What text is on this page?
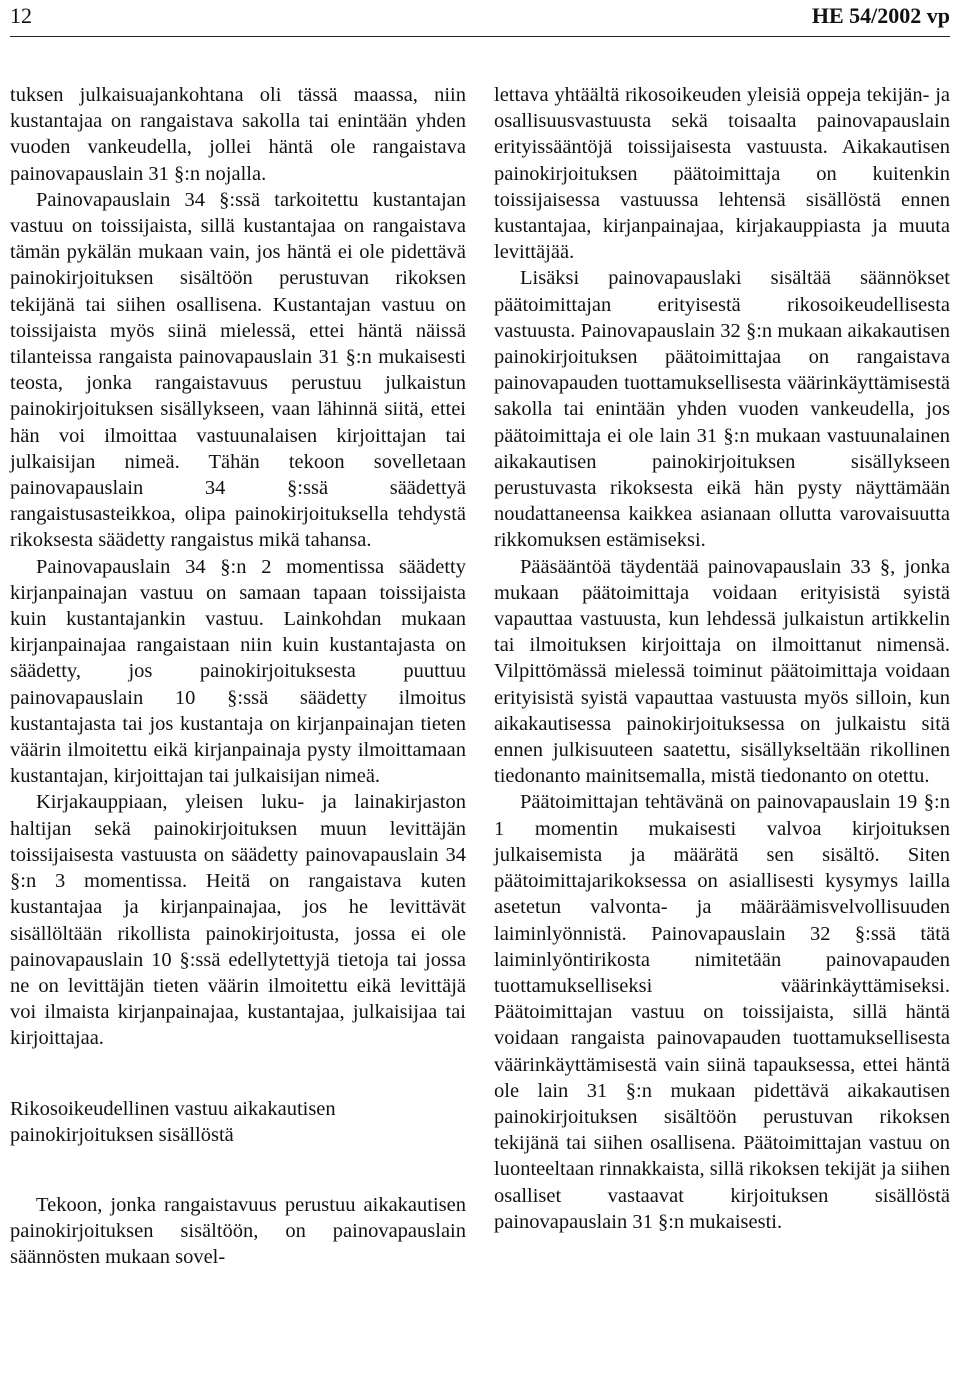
12	HE 54/2002 vp

tuksen julkaisuajankohtana oli tässä maassa, niin kustantajaa on rangaistava sakolla tai enintään yhden vuoden vankeudella, jollei häntä ole rangaistava painovapauslain 31 §:n nojalla.

Painovapauslain 34 §:ssä tarkoitettu kustantajan vastuu on toissijaista, sillä kustantajaa on rangaistava tämän pykälän mukaan vain, jos häntä ei ole pidettävä painokirjoituksen sisältöön perustuvan rikoksen tekijänä tai siihen osallisena. Kustantajan vastuu on toissijaista myös siinä mielessä, ettei häntä näissä tilanteissa rangaista painovapauslain 31 §:n mukaisesti teosta, jonka rangaistavuus perustuu julkaistun painokirjoituksen sisällykseen, vaan lähinnä siitä, ettei hän voi ilmoittaa vastuunalaisen kirjoittajan tai julkaisijan nimeä. Tähän tekoon sovelletaan painovapauslain 34 §:ssä säädettyä rangaistusasteikkoa, olipa painokirjoituksella tehdystä rikoksesta säädetty rangaistus mikä tahansa.

Painovapauslain 34 §:n 2 momentissa säädetty kirjanpainajan vastuu on samaan tapaan toissijaista kuin kustantajankin vastuu. Lainkohdan mukaan kirjanpainajaa rangaistaan niin kuin kustantajasta on säädetty, jos painokirjoituksesta puuttuu painovapauslain 10 §:ssä säädetty ilmoitus kustantajasta tai jos kustantaja on kirjanpainajan tieten väärin ilmoitettu eikä kirjanpainaja pysty ilmoittamaan kustantajan, kirjoittajan tai julkaisijan nimeä.

Kirjakauppiaan, yleisen luku- ja lainakirjaston haltijan sekä painokirjoituksen muun levittäjän toissijaisesta vastuusta on säädetty painovapauslain 34 §:n 3 momentissa. Heitä on rangaistava kuten kustantajaa ja kirjanpainajaa, jos he levittävät sisällöltään rikollista painokirjoitusta, jossa ei ole painovapauslain 10 §:ssä edellytettyjä tietoja tai jossa ne on levittäjän tieten väärin ilmoitettu eikä levittäjä voi ilmaista kirjanpainajaa, kustantajaa, julkaisijaa tai kirjoittajaa.

Rikosoikeudellinen vastuu aikakautisen painokirjoituksen sisällöstä

Tekoon, jonka rangaistavuus perustuu aikakautisen painokirjoituksen sisältöön, on painovapauslain säännösten mukaan sovel-

lettava yhtäältä rikosoikeuden yleisiä oppeja tekijän- ja osallisuusvastuusta sekä toisaalta painovapauslain erityissääntöjä toissijaisesta vastuusta. Aikakautisen painokirjoituksen päätoimittaja on kuitenkin toissijaisessa vastuussa lehtensä sisällöstä ennen kustantajaa, kirjanpainajaa, kirjakauppiasta ja muuta levittäjää.

Lisäksi painovapauslaki sisältää säännökset päätoimittajan erityisestä rikosoikeudellisesta vastuusta. Painovapauslain 32 §:n mukaan aikakautisen painokirjoituksen päätoimittajaa on rangaistava painovapauden tuottamuksellisesta väärinkäyttämisestä sakolla tai enintään yhden vuoden vankeudella, jos päätoimittaja ei ole lain 31 §:n mukaan vastuunalainen aikakautisen painokirjoituksen sisällykseen perustuvasta rikoksesta eikä hän pysty näyttämään noudattaneensa kaikkea asianaan ollutta varovaisuutta rikkomuksen estämiseksi.

Pääsääntöä täydentää painovapauslain 33 §, jonka mukaan päätoimittaja voidaan erityisistä syistä vapauttaa vastuusta, kun lehdessä julkaistun artikkelin tai ilmoituksen kirjoittaja on ilmoittanut nimensä. Vilpittömässä mielessä toiminut päätoimittaja voidaan erityisistä syistä vapauttaa vastuusta myös silloin, kun aikakautisessa painokirjoituksessa on julkaistu sitä ennen julkisuuteen saatettu, sisällykseltään rikollinen tiedonanto mainitsemalla, mistä tiedonanto on otettu.

Päätoimittajan tehtävänä on painovapauslain 19 §:n 1 momentin mukaisesti valvoa kirjoituksen julkaisemista ja määrätä sen sisältö. Siten päätoimittajarikoksessa on asiallisesti kysymys lailla asetetun valvonta- ja määräämisvelvollisuuden laiminlyönnistä. Painovapauslain 32 §:ssä tätä laiminlyöntirikosta nimitetään painovapauden tuottamukselliseksi väärinkäyttämiseksi. Päätoimittajan vastuu on toissijaista, sillä häntä voidaan rangaista painovapauden tuottamuksellisesta väärinkäyttämisestä vain siinä tapauksessa, ettei häntä ole lain 31 §:n mukaan pidettävä aikakautisen painokirjoituksen sisältöön perustuvan rikoksen tekijänä tai siihen osallisena. Päätoimittajan vastuu on luonteeltaan rinnakkaista, sillä rikoksen tekijät ja siihen osalliset vastaavat kirjoituksen sisällöstä painovapauslain 31 §:n mukaisesti.
